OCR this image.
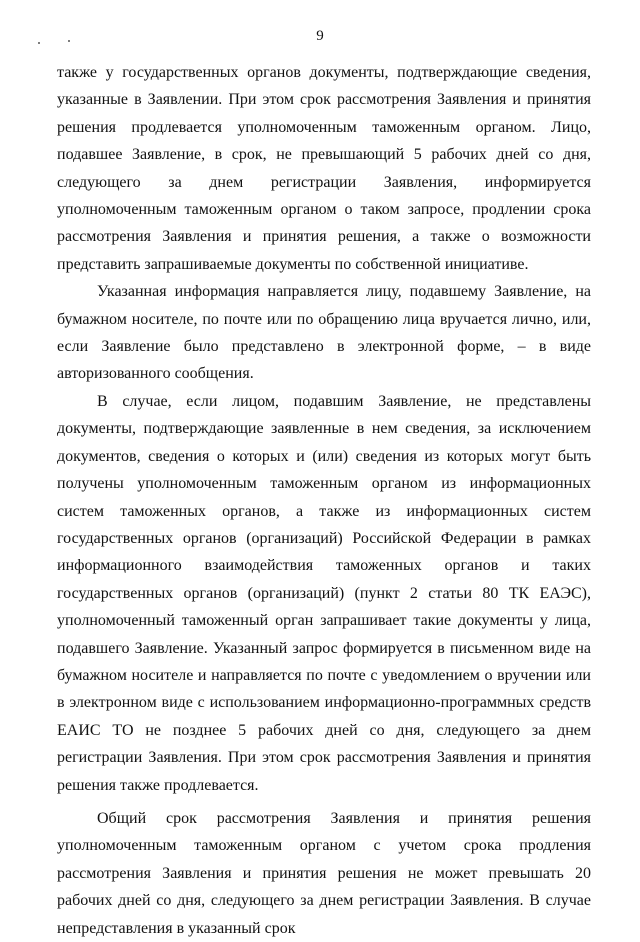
9

также у государственных органов документы, подтверждающие сведения, указанные в Заявлении. При этом срок рассмотрения Заявления и принятия решения продлевается уполномоченным таможенным органом. Лицо, подавшее Заявление, в срок, не превышающий 5 рабочих дней со дня, следующего за днем регистрации Заявления, информируется уполномоченным таможенным органом о таком запросе, продлении срока рассмотрения Заявления и принятия решения, а также о возможности представить запрашиваемые документы по собственной инициативе.

Указанная информация направляется лицу, подавшему Заявление, на бумажном носителе, по почте или по обращению лица вручается лично, или, если Заявление было представлено в электронной форме, – в виде авторизованного сообщения.

В случае, если лицом, подавшим Заявление, не представлены документы, подтверждающие заявленные в нем сведения, за исключением документов, сведения о которых и (или) сведения из которых могут быть получены уполномоченным таможенным органом из информационных систем таможенных органов, а также из информационных систем государственных органов (организаций) Российской Федерации в рамках информационного взаимодействия таможенных органов и таких государственных органов (организаций) (пункт 2 статьи 80 ТК ЕАЭС), уполномоченный таможенный орган запрашивает такие документы у лица, подавшего Заявление. Указанный запрос формируется в письменном виде на бумажном носителе и направляется по почте с уведомлением о вручении или в электронном виде с использованием информационно-программных средств ЕАИС ТО не позднее 5 рабочих дней со дня, следующего за днем регистрации Заявления. При этом срок рассмотрения Заявления и принятия решения также продлевается.

Общий срок рассмотрения Заявления и принятия решения уполномоченным таможенным органом с учетом срока продления рассмотрения Заявления и принятия решения не может превышать 20 рабочих дней со дня, следующего за днем регистрации Заявления. В случае непредставления в указанный срок
